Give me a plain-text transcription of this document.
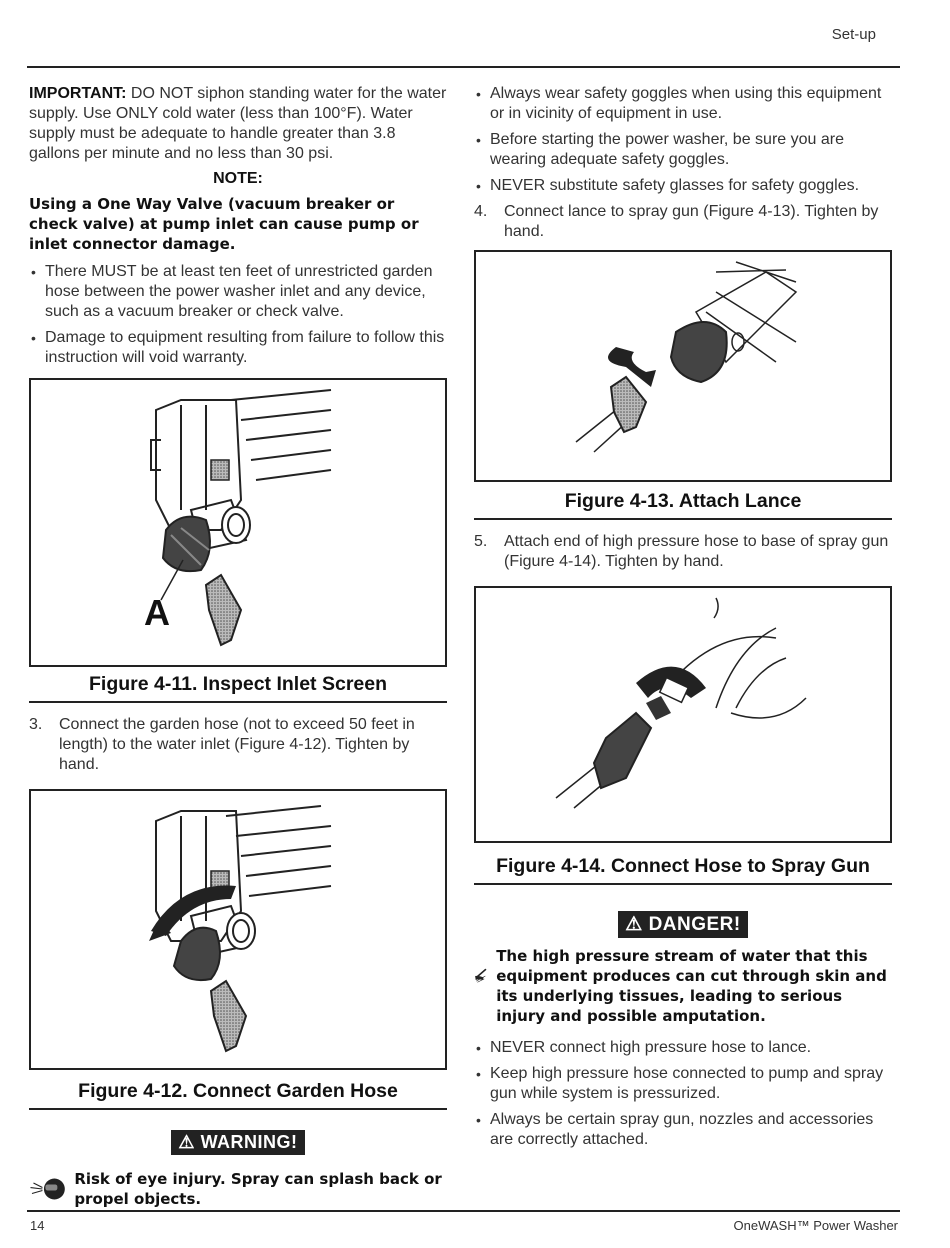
Set-up

IMPORTANT: DO NOT siphon standing water for the water supply. Use ONLY cold water (less than 100°F). Water supply must be adequate to handle greater than 3.8 gallons per minute and no less than 30 psi.

NOTE:

Using a One Way Valve (vacuum breaker or check valve) at pump inlet can cause pump or inlet connector damage.

• There MUST be at least ten feet of unrestricted garden hose between the power washer inlet and any device, such as a vacuum breaker or check valve.
• Damage to equipment resulting from failure to follow this instruction will void warranty.
A
Figure 4-11. Inspect Inlet Screen
3. Connect the garden hose (not to exceed 50 feet in length) to the water inlet (Figure 4-12). Tighten by hand.
Figure 4-12. Connect Garden Hose
⚠ WARNING!
Risk of eye injury. Spray can splash back or propel objects.
• Always wear safety goggles when using this equipment or in vicinity of equipment in use.
• Before starting the power washer, be sure you are wearing adequate safety goggles.
• NEVER substitute safety glasses for safety goggles.
4. Connect lance to spray gun (Figure 4-13). Tighten by hand.
Figure 4-13. Attach Lance
5. Attach end of high pressure hose to base of spray gun (Figure 4-14). Tighten by hand.
Figure 4-14. Connect Hose to Spray Gun
⚠ DANGER!
The high pressure stream of water that this equipment produces can cut through skin and its underlying tissues, leading to serious injury and possible amputation.
• NEVER connect high pressure hose to lance.
• Keep high pressure hose connected to pump and spray gun while system is pressurized.
• Always be certain spray gun, nozzles and accessories are correctly attached.
14	OneWASH™ Power Washer
